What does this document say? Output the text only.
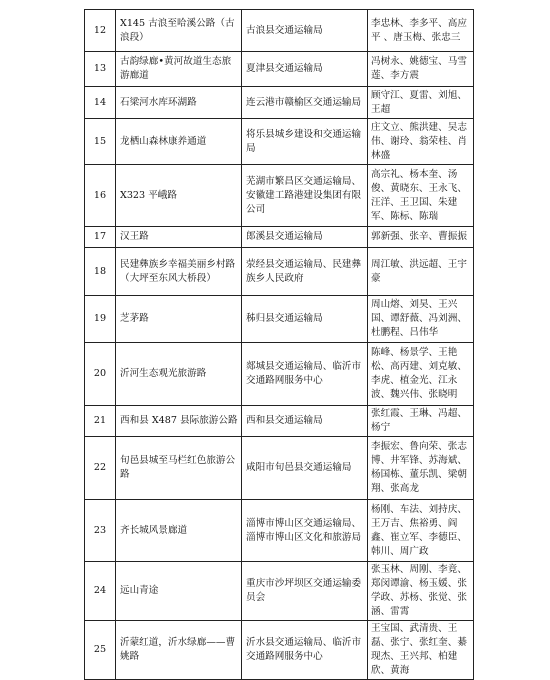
12	X145 古浪至哈溪公路（古浪段）	古浪县交通运输局	李忠林、李多平、高应平 、唐玉梅、张忠三
13	古韵绿廊•黄河故道生态旅游廊道	夏津县交通运输局	冯树永、姚德宝、马雪莲、李方震
14	石梁河水库环湖路	连云港市赣榆区交通运输局	顾守江、夏雷、刘旭、王超
15	龙栖山森林康养通道	将乐县城乡建设和交通运输局	庄文立、熊洪建、吴志伟、谢玲、翁荣桂、肖林盛
16	X323 平峨路	芜湖市繁昌区交通运输局、安徽建工路港建设集团有限公司	高宗礼、杨本奎、汤俊、黄晓东、王永飞、汪洋、王卫国、朱建军、陈标、陈瑞
17	汉王路	郎溪县交通运输局	郭新强、张辛、曹振振
18	民建彝族乡幸福美丽乡村路（大坪至东风大桥段）	荥经县交通运输局、民建彝族乡人民政府	周江敏、洪远超、王宇豪
19	芝茅路	秭归县交通运输局	周山熔、刘昊、王兴国、谭舒薇、冯刘洲、杜鹏程、吕伟华
20	沂河生态观光旅游路	郯城县交通运输局、临沂市交通路网服务中心	陈峰、杨景学、王艳松、高丙建、刘克敏、李虎、植金光、江永波、魏兴伟、张晓明
21	西和县 X487 县际旅游公路	西和县交通运输局	张红霞、王琳、冯超、杨宁
22	旬邑县城至马栏红色旅游公路	咸阳市旬邑县交通运输局	李振宏、鲁向荣、张志博、井军锋、苏海斌、杨国栋、董乐凯、梁朝翔、张高龙
23	齐长城风景廊道	淄博市博山区交通运输局、淄博市博山区文化和旅游局	杨刚、车法、刘持庆、王万吉、焦裕勇、阎鑫、崔立军、李德臣、韩川、周广政
24	远山青途	重庆市沙坪坝区交通运输委员会	张玉林、周刚、李竟、郑闵谭渝、杨玉媛、张学政、苏杨、张觉、张涵、雷霄
25	沂蒙红道，沂水绿廊——曹姚路	沂水县交通运输局、临沂市交通路网服务中心	王宝国、武清贵、王磊、张宁、张红奎、綦现杰、王兴邦、柏建欣、黄海
